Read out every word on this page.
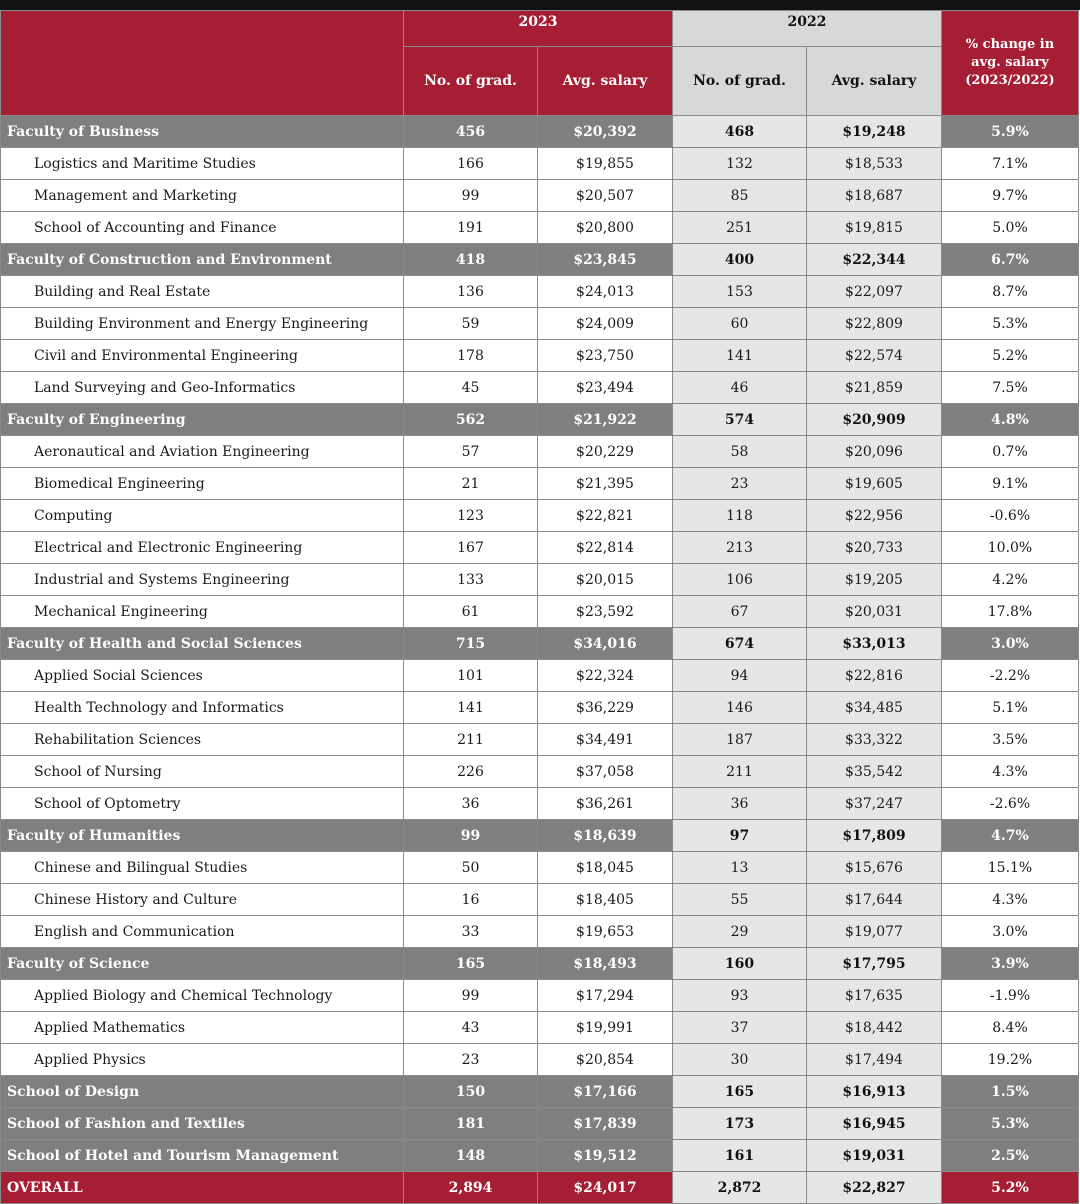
	2023		2022		% change in
avg. salary
(2023/2022)

	No. of grad.	Avg. salary	No. of grad.	Avg. salary	
Faculty of Business	456	$20,392	468	$19,248	5.9%
Logistics and Maritime Studies	166	$19,855	132	$18,533	7.1%
Management and Marketing	99	$20,507	85	$18,687	9.7%
School of Accounting and Finance	191	$20,800	251	$19,815	5.0%
Faculty of Construction and Environment	418	$23,845	400	$22,344	6.7%
Building and Real Estate	136	$24,013	153	$22,097	8.7%
Building Environment and Energy Engineering	59	$24,009	60	$22,809	5.3%
Civil and Environmental Engineering	178	$23,750	141	$22,574	5.2%
Land Surveying and Geo-Informatics	45	$23,494	46	$21,859	7.5%
Faculty of Engineering	562	$21,922	574	$20,909	4.8%
Aeronautical and Aviation Engineering	57	$20,229	58	$20,096	0.7%
Biomedical Engineering	21	$21,395	23	$19,605	9.1%
Computing	123	$22,821	118	$22,956	-0.6%
Electrical and Electronic Engineering	167	$22,814	213	$20,733	10.0%
Industrial and Systems Engineering	133	$20,015	106	$19,205	4.2%
Mechanical Engineering	61	$23,592	67	$20,031	17.8%
Faculty of Health and Social Sciences	715	$34,016	674	$33,013	3.0%
Applied Social Sciences	101	$22,324	94	$22,816	-2.2%
Health Technology and Informatics	141	$36,229	146	$34,485	5.1%
Rehabilitation Sciences	211	$34,491	187	$33,322	3.5%
School of Nursing	226	$37,058	211	$35,542	4.3%
School of Optometry	36	$36,261	36	$37,247	-2.6%
Faculty of Humanities	99	$18,639	97	$17,809	4.7%
Chinese and Bilingual Studies	50	$18,045	13	$15,676	15.1%
Chinese History and Culture	16	$18,405	55	$17,644	4.3%
English and Communication	33	$19,653	29	$19,077	3.0%
Faculty of Science	165	$18,493	160	$17,795	3.9%
Applied Biology and Chemical Technology	99	$17,294	93	$17,635	-1.9%
Applied Mathematics	43	$19,991	37	$18,442	8.4%
Applied Physics	23	$20,854	30	$17,494	19.2%
School of Design	150	$17,166	165	$16,913	1.5%
School of Fashion and Textiles	181	$17,839	173	$16,945	5.3%
School of Hotel and Tourism Management	148	$19,512	161	$19,031	2.5%
OVERALL	2,894	$24,017	2,872	$22,827	5.2%
